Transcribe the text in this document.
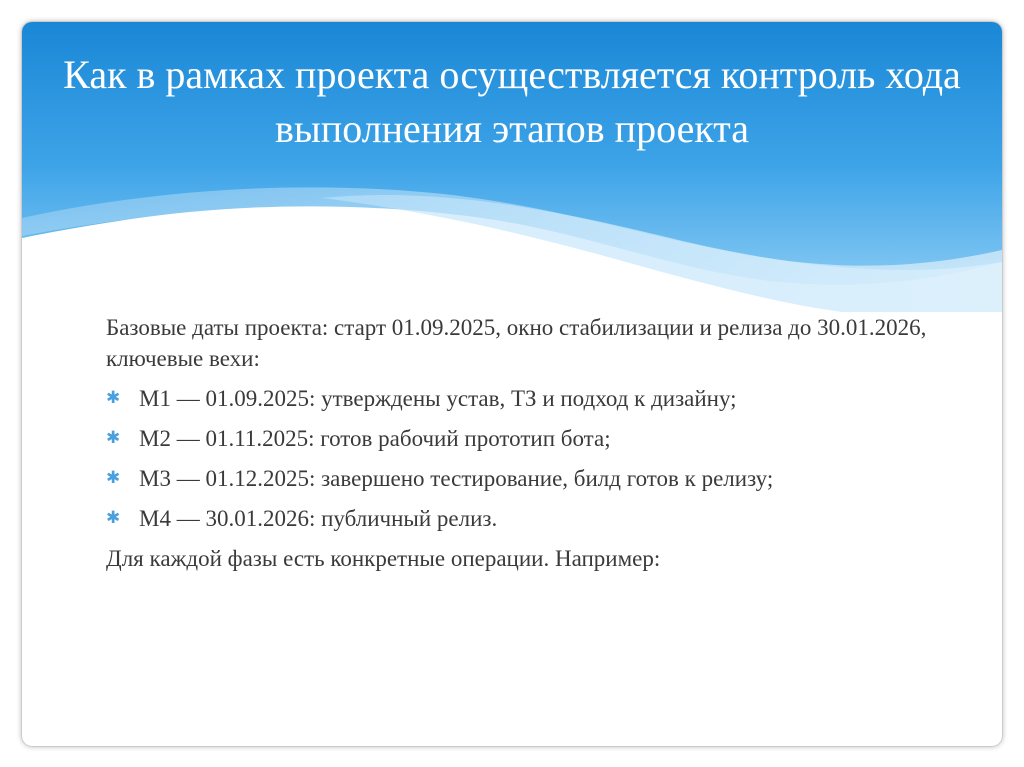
Как в рамках проекта осуществляется контроль хода выполнения этапов проекта

Базовые даты проекта: старт 01.09.2025, окно стабилизации и релиза до 30.01.2026, ключевые вехи:

✱ М1 — 01.09.2025: утверждены устав, ТЗ и подход к дизайну;
✱ М2 — 01.11.2025: готов рабочий прототип бота;
✱ М3 — 01.12.2025: завершено тестирование, билд готов к релизу;
✱ М4 — 30.01.2026: публичный релиз.

Для каждой фазы есть конкретные операции. Например:
